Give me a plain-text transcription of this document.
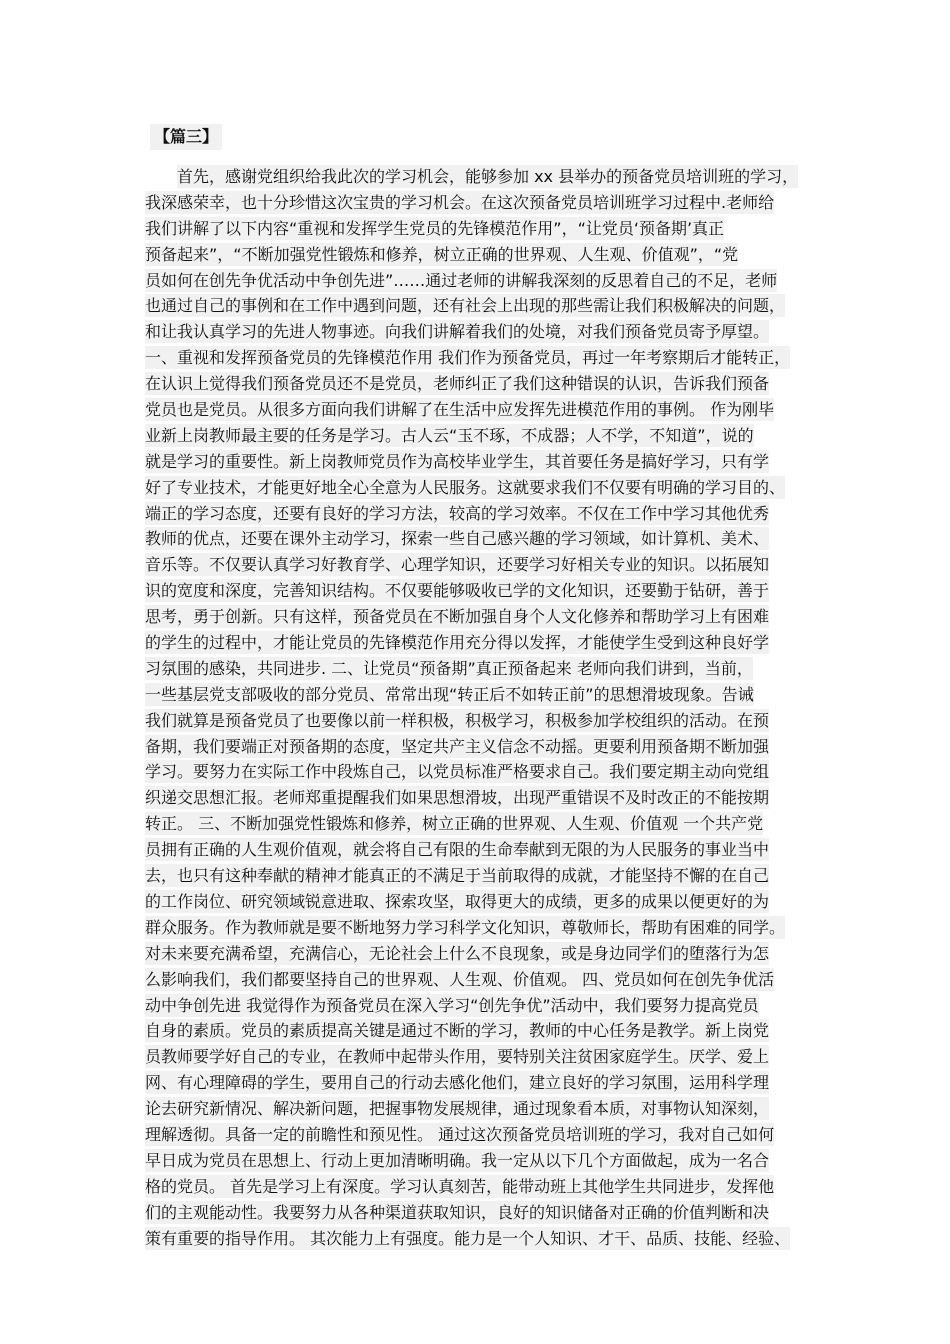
【篇三】
首先，感谢党组织给我此次的学习机会，能够参加 xx 县举办的预备党员培训班的学习，
我深感荣幸，也十分珍惜这次宝贵的学习机会。在这次预备党员培训班学习过程中.老师给
我们讲解了以下内容“重视和发挥学生党员的先锋模范作用”，“让党员‘预备期’真正
预备起来”，“不断加强党性锻炼和修养，树立正确的世界观、人生观、价值观”，“党
员如何在创先争优活动中争创先进”……通过老师的讲解我深刻的反思着自己的不足，老师
也通过自己的事例和在工作中遇到问题，还有社会上出现的那些需让我们积极解决的问题，
和让我认真学习的先进人物事迹。向我们讲解着我们的处境，对我们预备党员寄予厚望。
一、重视和发挥预备党员的先锋模范作用 我们作为预备党员，再过一年考察期后才能转正，
在认识上觉得我们预备党员还不是党员，老师纠正了我们这种错误的认识，告诉我们预备
党员也是党员。从很多方面向我们讲解了在生活中应发挥先进模范作用的事例。 作为刚毕
业新上岗教师最主要的任务是学习。古人云“玉不琢，不成器；人不学，不知道”，说的
就是学习的重要性。新上岗教师党员作为高校毕业学生，其首要任务是搞好学习，只有学
好了专业技术，才能更好地全心全意为人民服务。这就要求我们不仅要有明确的学习目的、
端正的学习态度，还要有良好的学习方法，较高的学习效率。不仅在工作中学习其他优秀
教师的优点，还要在课外主动学习，探索一些自己感兴趣的学习领域，如计算机、美术、
音乐等。不仅要认真学习好教育学、心理学知识，还要学习好相关专业的知识。以拓展知
识的宽度和深度，完善知识结构。不仅要能够吸收已学的文化知识，还要勤于钻研，善于
思考，勇于创新。只有这样，预备党员在不断加强自身个人文化修养和帮助学习上有困难
的学生的过程中，才能让党员的先锋模范作用充分得以发挥，才能使学生受到这种良好学
习氛围的感染，共同进步. 二、让党员“预备期”真正预备起来 老师向我们讲到，当前，
一些基层党支部吸收的部分党员、常常出现“转正后不如转正前”的思想滑坡现象。告诫
我们就算是预备党员了也要像以前一样积极，积极学习，积极参加学校组织的活动。在预
备期，我们要端正对预备期的态度，坚定共产主义信念不动摇。更要利用预备期不断加强
学习。要努力在实际工作中段炼自己，以党员标准严格要求自己。我们要定期主动向党组
织递交思想汇报。老师郑重提醒我们如果思想滑坡，出现严重错误不及时改正的不能按期
转正。 三、不断加强党性锻炼和修养，树立正确的世界观、人生观、价值观 一个共产党
员拥有正确的人生观价值观，就会将自己有限的生命奉献到无限的为人民服务的事业当中
去，也只有这种奉献的精神才能真正的不满足于当前取得的成就，才能坚持不懈的在自己
的工作岗位、研究领域锐意进取、探索攻坚，取得更大的成绩，更多的成果以便更好的为
群众服务。作为教师就是要不断地努力学习科学文化知识，尊敬师长，帮助有困难的同学。
对未来要充满希望，充满信心，无论社会上什么不良现象，或是身边同学们的堕落行为怎
么影响我们，我们都要坚持自己的世界观、人生观、价值观。 四、党员如何在创先争优活
动中争创先进 我觉得作为预备党员在深入学习“创先争优”活动中，我们要努力提高党员
自身的素质。党员的素质提高关键是通过不断的学习，教师的中心任务是教学。新上岗党
员教师要学好自己的专业，在教师中起带头作用，要特别关注贫困家庭学生。厌学、爱上
网、有心理障碍的学生，要用自己的行动去感化他们，建立良好的学习氛围，运用科学理
论去研究新情况、解决新问题，把握事物发展规律，通过现象看本质，对事物认知深刻，
理解透彻。具备一定的前瞻性和预见性。 通过这次预备党员培训班的学习，我对自己如何
早日成为党员在思想上、行动上更加清晰明确。我一定从以下几个方面做起，成为一名合
格的党员。 首先是学习上有深度。学习认真刻苦，能带动班上其他学生共同进步，发挥他
们的主观能动性。我要努力从各种渠道获取知识，良好的知识储备对正确的价值判断和决
策有重要的指导作用。 其次能力上有强度。能力是一个人知识、才干、品质、技能、经验、
